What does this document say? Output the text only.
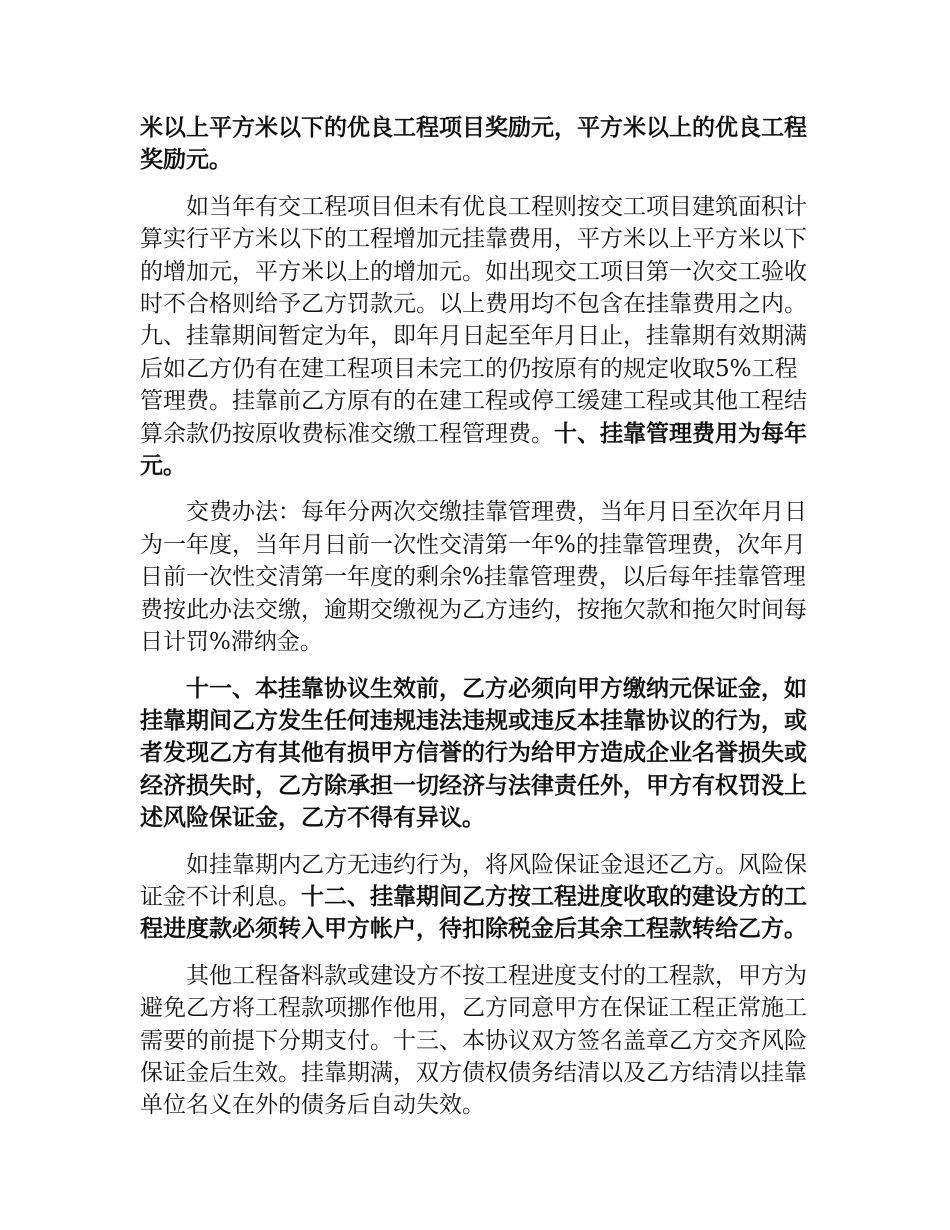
米以上平方米以下的优良工程项目奖励元，平方米以上的优良工程奖励元。

如当年有交工程项目但未有优良工程则按交工项目建筑面积计算实行平方米以下的工程增加元挂靠费用，平方米以上平方米以下的增加元，平方米以上的增加元。如出现交工项目第一次交工验收时不合格则给予乙方罚款元。以上费用均不包含在挂靠费用之内。九、挂靠期间暂定为年，即年月日起至年月日止，挂靠期有效期满后如乙方仍有在建工程项目未完工的仍按原有的规定收取5%工程管理费。挂靠前乙方原有的在建工程或停工缓建工程或其他工程结算余款仍按原收费标准交缴工程管理费。十、挂靠管理费用为每年元。

交费办法：每年分两次交缴挂靠管理费，当年月日至次年月日为一年度，当年月日前一次性交清第一年%的挂靠管理费，次年月日前一次性交清第一年度的剩余%挂靠管理费，以后每年挂靠管理费按此办法交缴，逾期交缴视为乙方违约，按拖欠款和拖欠时间每日计罚%滞纳金。

十一、本挂靠协议生效前，乙方必须向甲方缴纳元保证金，如挂靠期间乙方发生任何违规违法违规或违反本挂靠协议的行为，或者发现乙方有其他有损甲方信誉的行为给甲方造成企业名誉损失或经济损失时，乙方除承担一切经济与法律责任外，甲方有权罚没上述风险保证金，乙方不得有异议。

如挂靠期内乙方无违约行为，将风险保证金退还乙方。风险保证金不计利息。十二、挂靠期间乙方按工程进度收取的建设方的工程进度款必须转入甲方帐户，待扣除税金后其余工程款转给乙方。

其他工程备料款或建设方不按工程进度支付的工程款，甲方为避免乙方将工程款项挪作他用，乙方同意甲方在保证工程正常施工需要的前提下分期支付。十三、本协议双方签名盖章乙方交齐风险保证金后生效。挂靠期满，双方债权债务结清以及乙方结清以挂靠单位名义在外的债务后自动失效。
